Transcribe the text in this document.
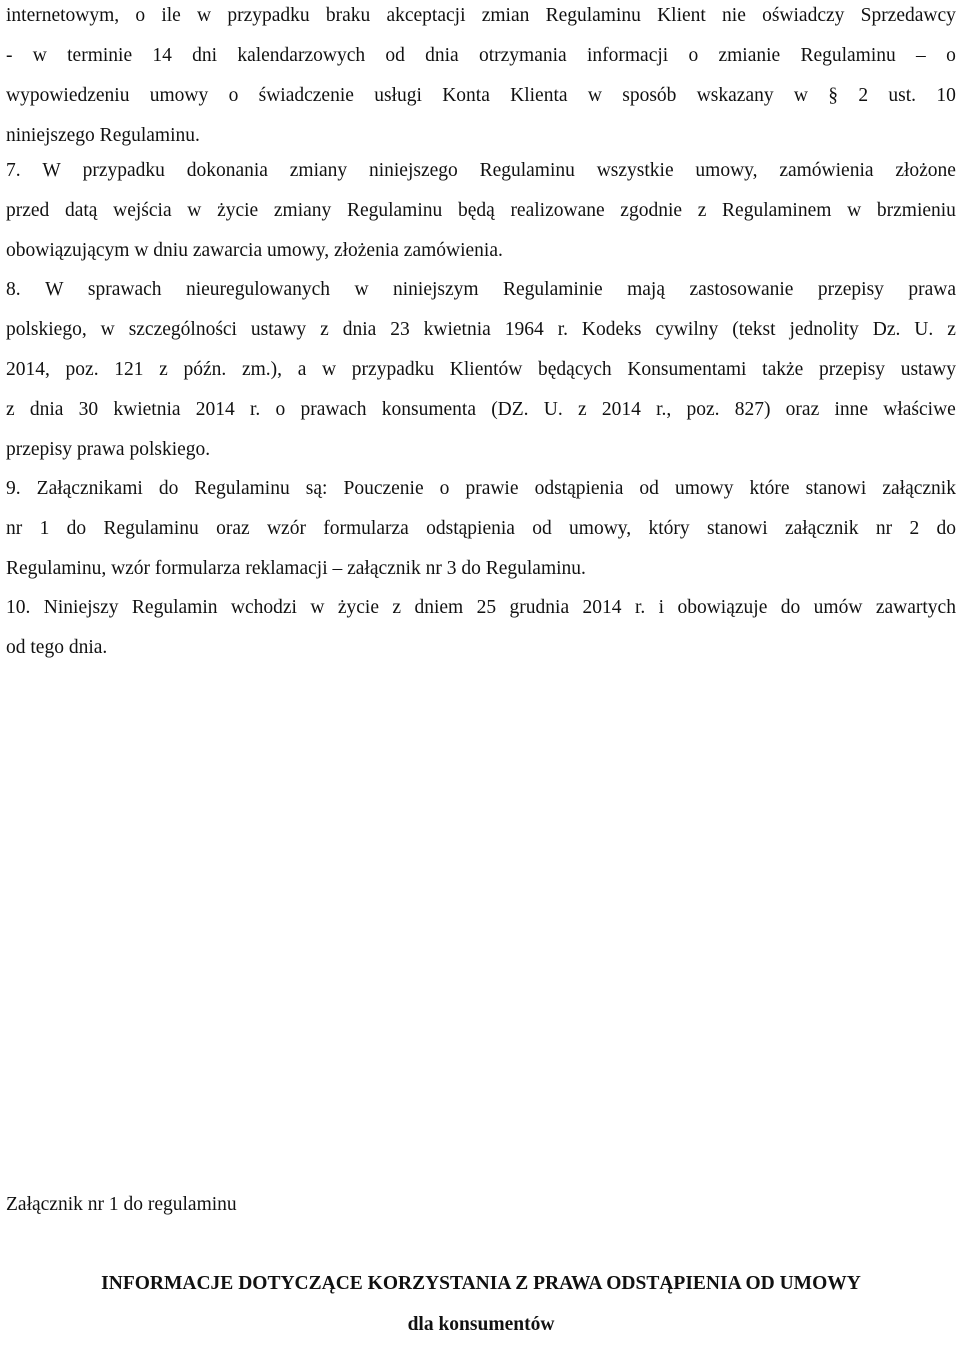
internetowym, o ile w przypadku braku akceptacji zmian Regulaminu Klient nie oświadczy Sprzedawcy
- w terminie 14 dni kalendarzowych od dnia otrzymania informacji o zmianie Regulaminu – o
wypowiedzeniu umowy o świadczenie usługi Konta Klienta w sposób wskazany w § 2 ust. 10
niniejszego Regulaminu.
7. W przypadku dokonania zmiany niniejszego Regulaminu wszystkie umowy, zamówienia złożone
przed datą wejścia w życie zmiany Regulaminu będą realizowane zgodnie z Regulaminem w brzmieniu
obowiązującym w dniu zawarcia umowy, złożenia zamówienia.
8. W sprawach nieuregulowanych w niniejszym Regulaminie mają zastosowanie przepisy prawa
polskiego, w szczególności ustawy z dnia 23 kwietnia 1964 r. Kodeks cywilny (tekst jednolity Dz. U. z
2014, poz. 121 z późn. zm.), a w przypadku Klientów będących Konsumentami także przepisy ustawy
z dnia 30 kwietnia 2014 r. o prawach konsumenta (DZ. U. z 2014 r., poz. 827) oraz inne właściwe
przepisy prawa polskiego.
9. Załącznikami do Regulaminu są: Pouczenie o prawie odstąpienia od umowy które stanowi załącznik
nr 1 do Regulaminu oraz wzór formularza odstąpienia od umowy, który stanowi załącznik nr 2 do
Regulaminu, wzór formularza reklamacji – załącznik nr 3 do Regulaminu.
10. Niniejszy Regulamin wchodzi w życie z dniem 25 grudnia 2014 r. i obowiązuje do umów zawartych
od tego dnia.
Załącznik nr 1 do regulaminu
INFORMACJE DOTYCZĄCE KORZYSTANIA Z PRAWA ODSTĄPIENIA OD UMOWY
dla konsumentów
